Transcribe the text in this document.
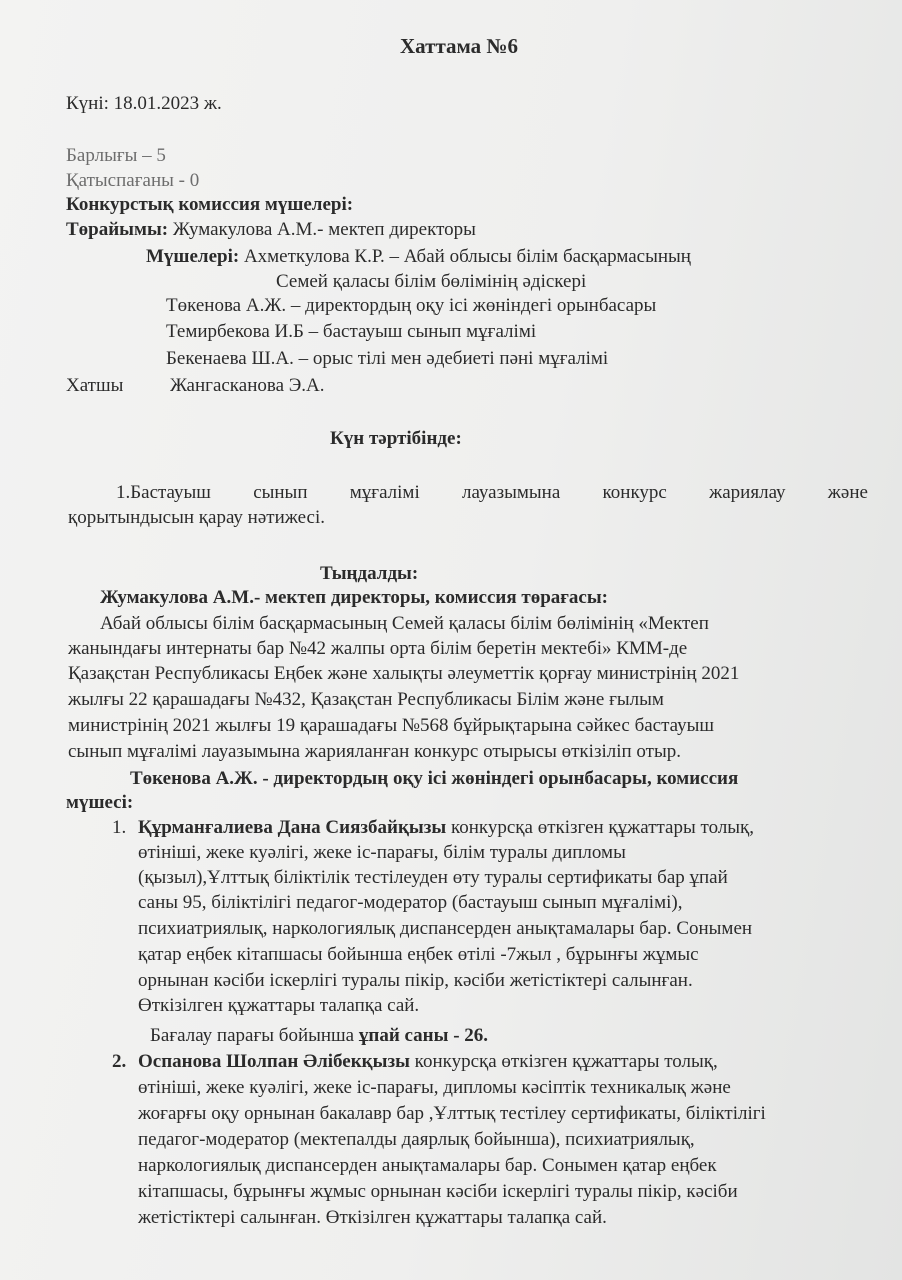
Хаттама №6
Күні: 18.01.2023 ж.
Барлығы – 5
Қатыспағаны - 0
Конкурстық комиссия мүшелері:
Төрайымы: Жумакулова А.М.- мектеп директоры
Мүшелері: Ахметкулова К.Р. – Абай облысы білім басқармасының
Семей қаласы білім бөлімінің әдіскері
Төкенова А.Ж. – директордың оқу ісі жөніндегі орынбасары
Темирбекова И.Б – бастауыш сынып мұғалімі
Бекенаева Ш.А. – орыс тілі мен әдебиеті пәні мұғалімі
Хатшы Жангасканова Э.А.
Күн тәртібінде:
1.Бастауыш сынып мұғалімі лауазымына конкурс жариялау және
қорытындысын қарау нәтижесі.
Тыңдалды:
Жумакулова А.М.- мектеп директоры, комиссия төрағасы:
Абай облысы білім басқармасының Семей қаласы білім бөлімінің «Мектеп
жанындағы интернаты бар №42 жалпы орта білім беретін мектебі» КММ-де
Қазақстан Республикасы Еңбек және халықты әлеуметтік қорғау министрінің 2021
жылғы 22 қарашадағы №432, Қазақстан Республикасы Білім және ғылым
министрінің 2021 жылғы 19 қарашадағы №568 бұйрықтарына сәйкес бастауыш
сынып мұғалімі лауазымына жарияланған конкурс отырысы өткізіліп отыр.
Төкенова А.Ж. - директордың оқу ісі жөніндегі орынбасары, комиссия
мүшесі:
1. Құрманғалиева Дана Сиязбайқызы конкурсқа өткізген құжаттары толық,
өтініші, жеке куәлігі, жеке іс-парағы, білім туралы дипломы
(қызыл),Ұлттық біліктілік тестілеуден өту туралы сертификаты бар ұпай
саны 95, біліктілігі педагог-модератор (бастауыш сынып мұғалімі),
психиатриялық, наркологиялық диспансерден анықтамалары бар. Сонымен
қатар еңбек кітапшасы бойынша еңбек өтілі -7жыл , бұрынғы жұмыс
орнынан кәсіби іскерлігі туралы пікір, кәсіби жетістіктері салынған.
Өткізілген құжаттары талапқа сай.
Бағалау парағы бойынша ұпай саны - 26.
2. Оспанова Шолпан Әлібекқызы конкурсқа өткізген құжаттары толық,
өтініші, жеке куәлігі, жеке іс-парағы, дипломы кәсіптік техникалық және
жоғарғы оқу орнынан бакалавр бар ,Ұлттық тестілеу сертификаты, біліктілігі
педагог-модератор (мектепалды даярлық бойынша), психиатриялық,
наркологиялық диспансерден анықтамалары бар. Сонымен қатар еңбек
кітапшасы, бұрынғы жұмыс орнынан кәсіби іскерлігі туралы пікір, кәсіби
жетістіктері салынған. Өткізілген құжаттары талапқа сай.
